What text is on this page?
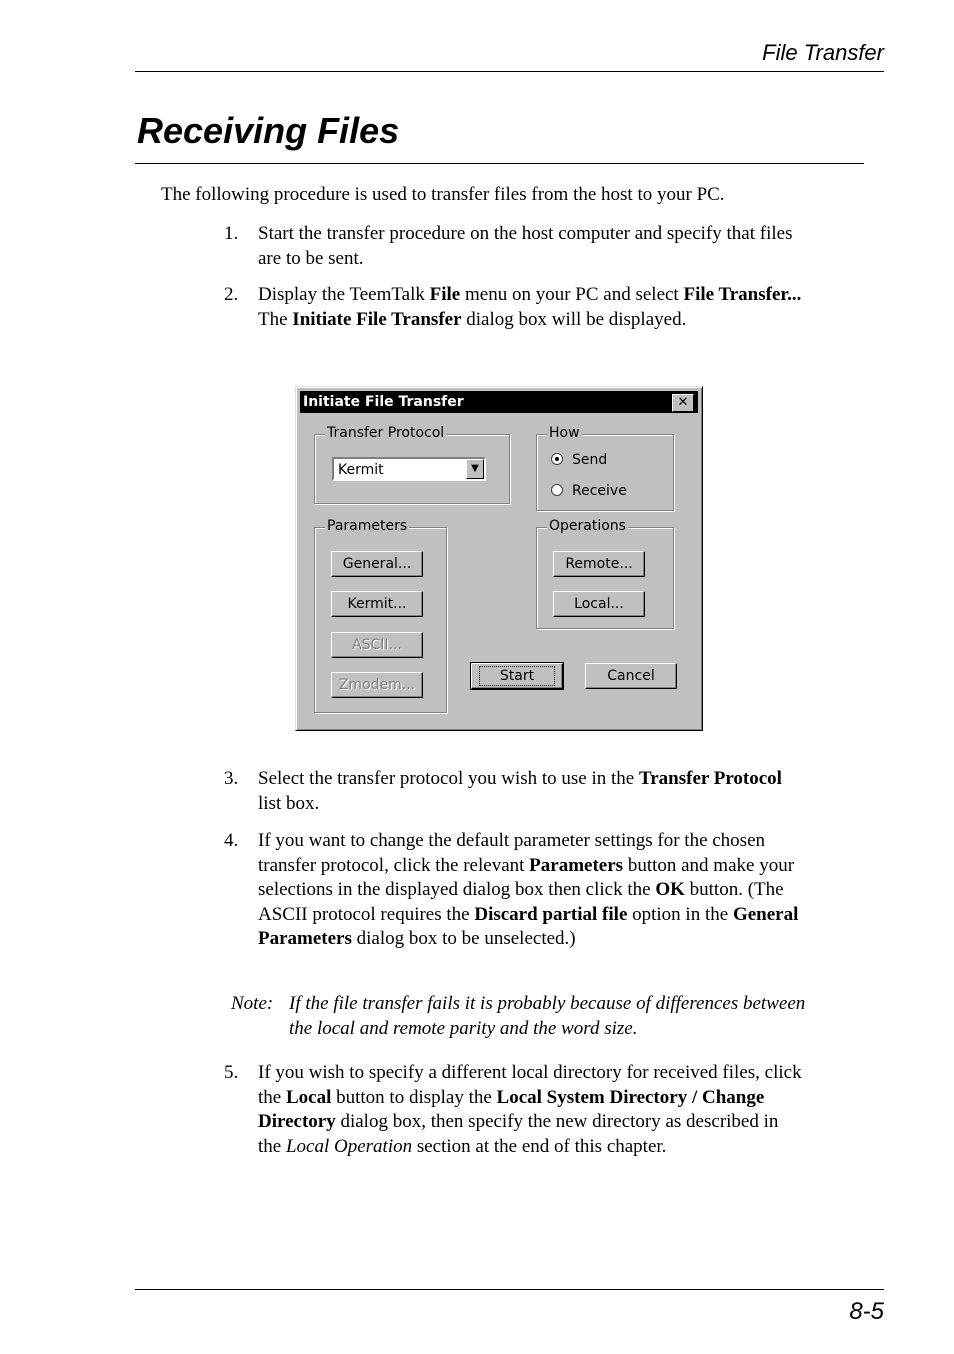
File Transfer
Receiving Files
The following procedure is used to transfer files from the host to your PC.
1.	Start the transfer procedure on the host computer and specify that files are to be sent.
2.	Display the TeemTalk File menu on your PC and select File Transfer... The Initiate File Transfer dialog box will be displayed.
Initiate File Transfer	✕
Transfer Protocol
Kermit	▼
How
Send
Receive
Parameters
General...
Kermit...
ASCII...
Zmodem...
Operations
Remote...
Local...
Start	Cancel
3.	Select the transfer protocol you wish to use in the Transfer Protocol list box.
4.	If you want to change the default parameter settings for the chosen transfer protocol, click the relevant Parameters button and make your selections in the displayed dialog box then click the OK button. (The ASCII protocol requires the Discard partial file option in the General Parameters dialog box to be unselected.)
Note: If the file transfer fails it is probably because of differences between the local and remote parity and the word size.
5.	If you wish to specify a different local directory for received files, click the Local button to display the Local System Directory / Change Directory dialog box, then specify the new directory as described in the Local Operation section at the end of this chapter.
8-5
